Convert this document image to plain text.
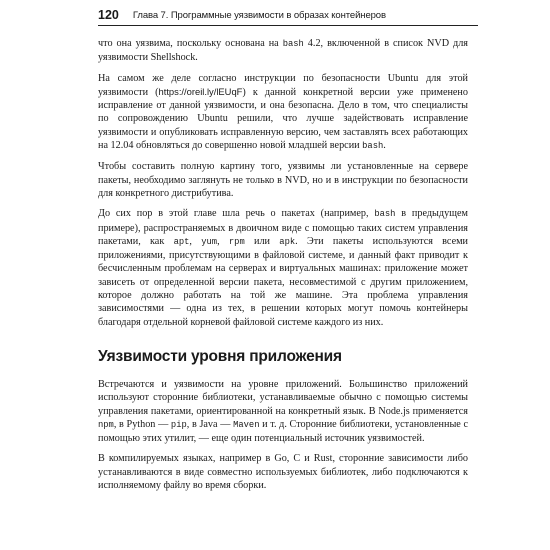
120 Глава 7. Программные уязвимости в образах контейнеров

что она уязвима, поскольку основана на bash 4.2, включенной в список NVD для уязвимости Shellshock.

На самом же деле согласно инструкции по безопасности Ubuntu для этой уязвимости (https://oreil.ly/lEUqF) к данной конкретной версии уже применено исправление от данной уязвимости, и она безопасна. Дело в том, что специалисты по сопровождению Ubuntu решили, что лучше задействовать исправление уязвимости и опубликовать исправленную версию, чем заставлять всех работающих на 12.04 обновляться до совершенно новой младшей версии bash.

Чтобы составить полную картину того, уязвимы ли установленные на сервере пакеты, необходимо заглянуть не только в NVD, но и в инструкции по безопасности для конкретного дистрибутива.

До сих пор в этой главе шла речь о пакетах (например, bash в предыдущем примере), распространяемых в двоичном виде с помощью таких систем управления пакетами, как apt, yum, rpm или apk. Эти пакеты используются всеми приложениями, присутствующими в файловой системе, и данный факт приводит к бесчисленным проблемам на серверах и виртуальных машинах: приложение может зависеть от определенной версии пакета, несовместимой с другим приложением, которое должно работать на той же машине. Эта проблема управления зависимостями — одна из тех, в решении которых могут помочь контейнеры благодаря отдельной корневой файловой системе каждого из них.

Уязвимости уровня приложения

Встречаются и уязвимости на уровне приложений. Большинство приложений используют сторонние библиотеки, устанавливаемые обычно с помощью системы управления пакетами, ориентированной на конкретный язык. В Node.js применяется npm, в Python — pip, в Java — Maven и т. д. Сторонние библиотеки, установленные с помощью этих утилит, — еще один потенциальный источник уязвимостей.

В компилируемых языках, например в Go, C и Rust, сторонние зависимости либо устанавливаются в виде совместно используемых библиотек, либо подключаются к исполняемому файлу во время сборки.
